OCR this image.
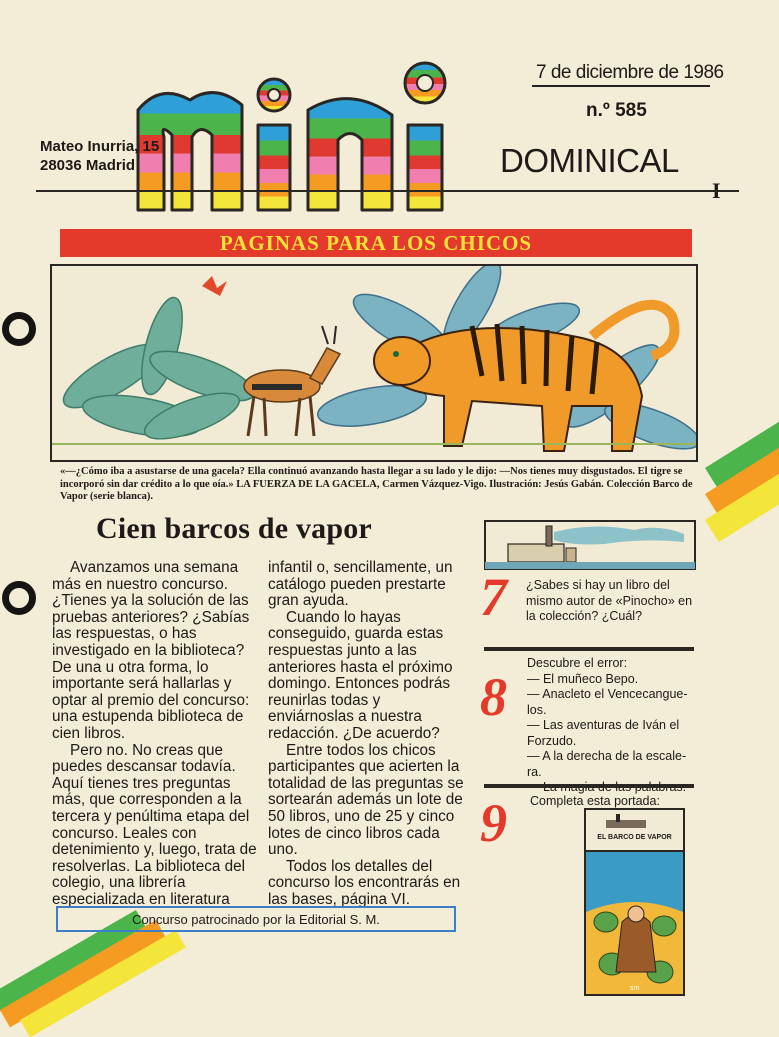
7 de diciembre de 1986
n.º 585
Mateo Inurria, 15
28036 Madrid	DOMINICAL
PAGINAS PARA LOS CHICOS
«—¿Cómo iba a asustarse de una gacela? Ella continuó avanzando hasta llegar a su lado y le dijo: —Nos tienes muy disgustados. El tigre se incorporó sin dar crédito a lo que oía.» LA FUERZA DE LA GACELA, Carmen Vázquez-Vigo. Ilustración: Jesús Gabán. Colección Barco de Vapor (serie blanca).
Cien barcos de vapor

Avanzamos una semana más en nuestro concurso. ¿Tienes ya la solución de las pruebas anteriores? ¿Sabías las respuestas, o has investigado en la biblioteca? De una u otra forma, lo importante será hallarlas y optar al premio del concurso: una estupenda biblioteca de cien libros.

Pero no. No creas que puedes descansar todavía. Aquí tienes tres preguntas más, que corresponden a la tercera y penúltima etapa del concurso. Leales con detenimiento y, luego, trata de resolverlas. La biblioteca del colegio, una librería especializada en literatura

infantil o, sencillamente, un catálogo pueden prestarte gran ayuda.

Cuando lo hayas conseguido, guarda estas respuestas junto a las anteriores hasta el próximo domingo. Entonces podrás reunirlas todas y enviárnoslas a nuestra redacción. ¿De acuerdo?

Entre todos los chicos participantes que acierten la totalidad de las preguntas se sortearán además un lote de 50 libros, uno de 25 y cinco lotes de cinco libros cada uno.

Todos los detalles del concurso los encontrarás en las bases, página VI.

Concurso patrocinado por la Editorial S. M.
7 ¿Sabes si hay un libro del mismo autor de «Pinocho» en la colección? ¿Cuál?
8
Descubre el error:
— El muñeco Bepo.
— Anacleto el Vencecangue-
los.
— Las aventuras de Iván el
Forzudo.
— A la derecha de la escale-
ra.
9 Completa esta portada:
EL BARCO DE VAPOR
sm
